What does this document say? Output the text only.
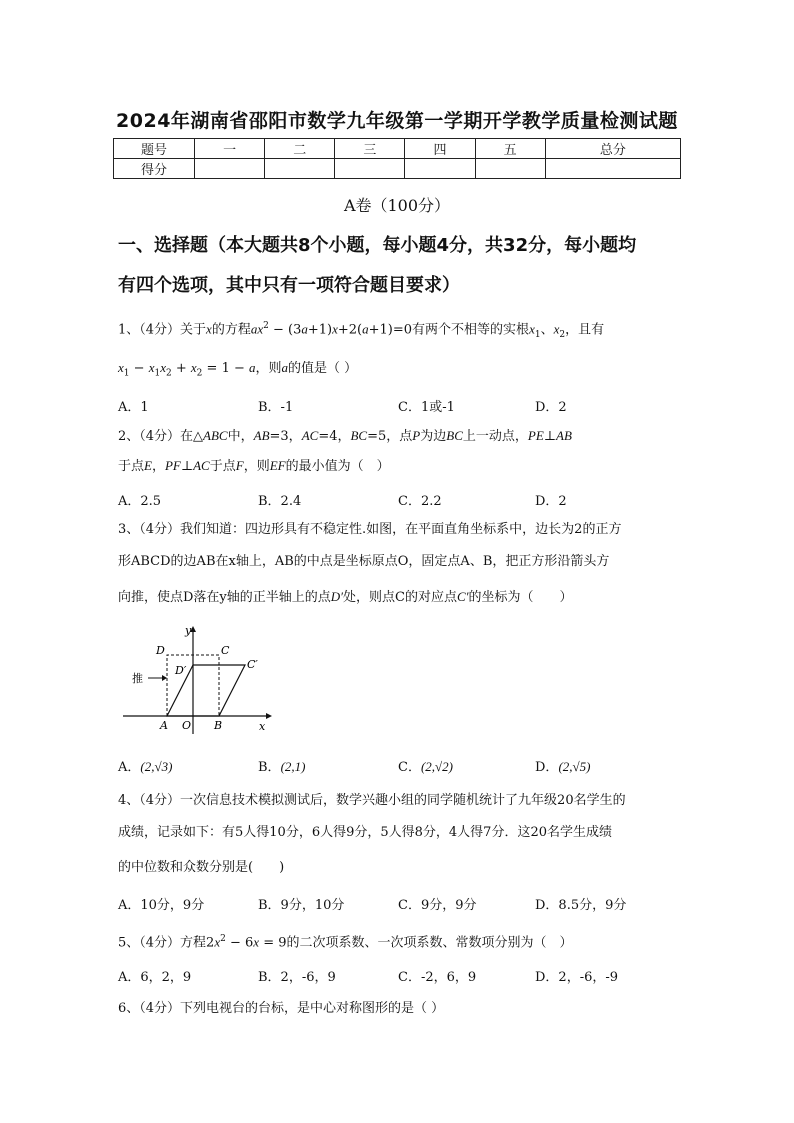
2024年湖南省邵阳市数学九年级第一学期开学教学质量检测试题
题号	一	二	三	四	五	总分
得分						
A卷（100分）
一、选择题（本大题共8个小题，每小题4分，共32分，每小题均
有四个选项，其中只有一项符合题目要求）
1、（4分）关于x的方程$ax^2 - (3a+1)x+2(a+1)=0$有两个不相等的实根$x_1$、$x_2$，且有
$x_1 - x_1x_2 + x_2 = 1 - a$，则a的值是（ ）
A．1	B．-1	C．1或-1	D．2
2、（4分）在△ABC中，AB=3，AC=4，BC=5，点P为边BC上一动点，PE⊥AB
于点E，PF⊥AC于点F，则EF的最小值为（　）
A．2.5	B．2.4	C．2.2	D．2
3、（4分）我们知道：四边形具有不稳定性.如图，在平面直角坐标系中，边长为2的正方
形ABCD的边AB在x轴上，AB的中点是坐标原点O，固定点A、B，把正方形沿箭头方
向推，使点D落在y轴的正半轴上的点D′处，则点C的对应点C′的坐标为（　　）
推
D	C
D′	C′
A O B	x
y
A．(2,√3)	B．(2,1)	C．(2,√2)	D．(2,√5)
4、（4分）一次信息技术模拟测试后，数学兴趣小组的同学随机统计了九年级20名学生的
成绩，记录如下：有5人得10分，6人得9分，5人得8分，4人得7分．这20名学生成绩
的中位数和众数分别是(　　)
A．10分，9分	B．9分，10分	C．9分，9分	D．8.5分，9分
5、（4分）方程$2x^2 - 6x = 9$的二次项系数、一次项系数、常数项分别为（　）
A．6，2，9	B．2，-6，9	C．-2，6，9	D．2，-6，-9
6、（4分）下列电视台的台标，是中心对称图形的是（ ）
